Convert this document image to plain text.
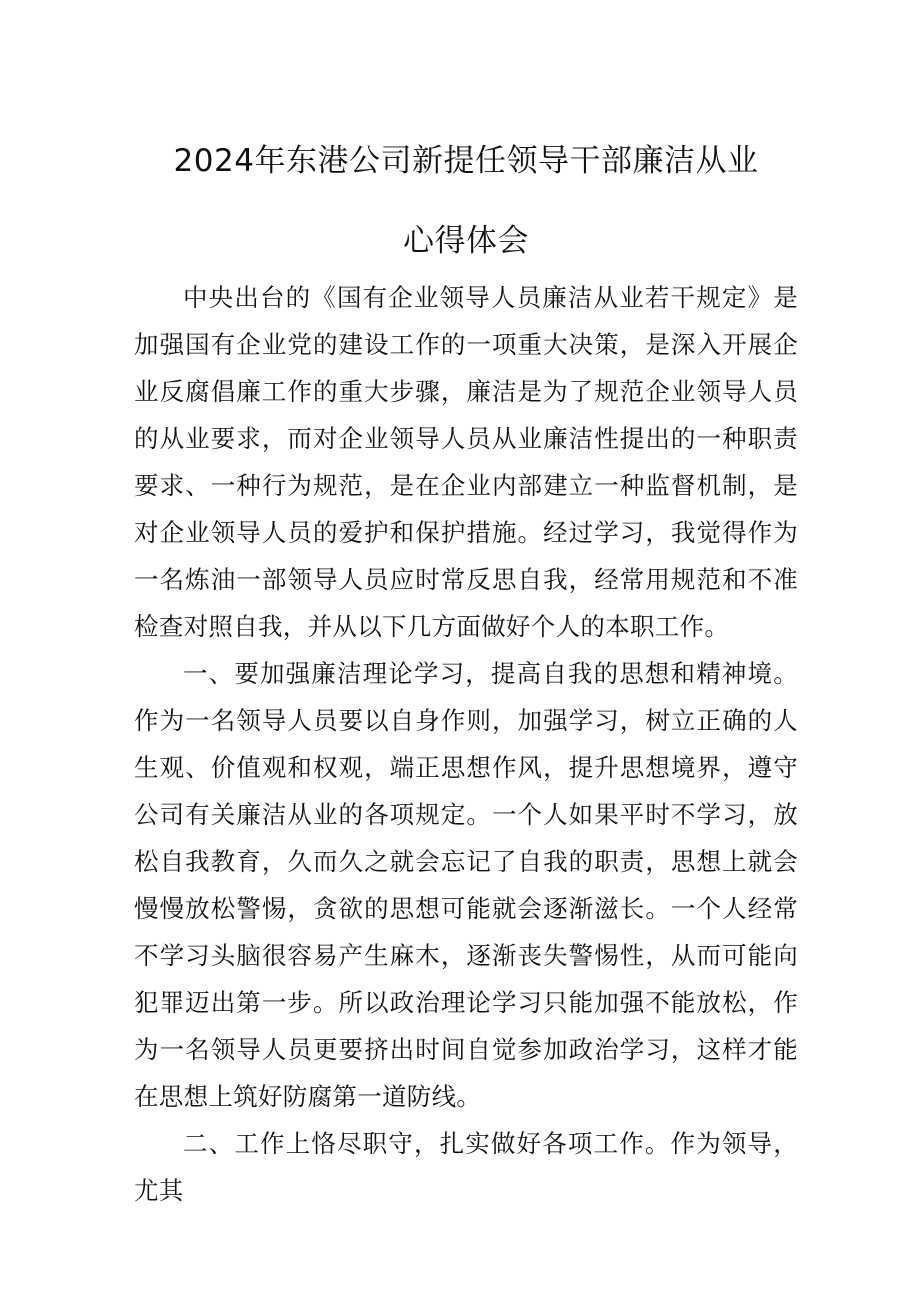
2024年东港公司新提任领导干部廉洁从业
心得体会

中央出台的《国有企业领导人员廉洁从业若干规定》是加强国有企业党的建设工作的一项重大决策，是深入开展企业反腐倡廉工作的重大步骤，廉洁是为了规范企业领导人员的从业要求，而对企业领导人员从业廉洁性提出的一种职责要求、一种行为规范，是在企业内部建立一种监督机制，是对企业领导人员的爱护和保护措施。经过学习，我觉得作为一名炼油一部领导人员应时常反思自我，经常用规范和不准检查对照自我，并从以下几方面做好个人的本职工作。

一、要加强廉洁理论学习，提高自我的思想和精神境。作为一名领导人员要以自身作则，加强学习，树立正确的人生观、价值观和权观，端正思想作风，提升思想境界，遵守公司有关廉洁从业的各项规定。一个人如果平时不学习，放松自我教育，久而久之就会忘记了自我的职责，思想上就会慢慢放松警惕，贪欲的思想可能就会逐渐滋长。一个人经常不学习头脑很容易产生麻木，逐渐丧失警惕性，从而可能向犯罪迈出第一步。所以政治理论学习只能加强不能放松，作为一名领导人员更要挤出时间自觉参加政治学习，这样才能在思想上筑好防腐第一道防线。

二、工作上恪尽职守，扎实做好各项工作。作为领导，尤其
